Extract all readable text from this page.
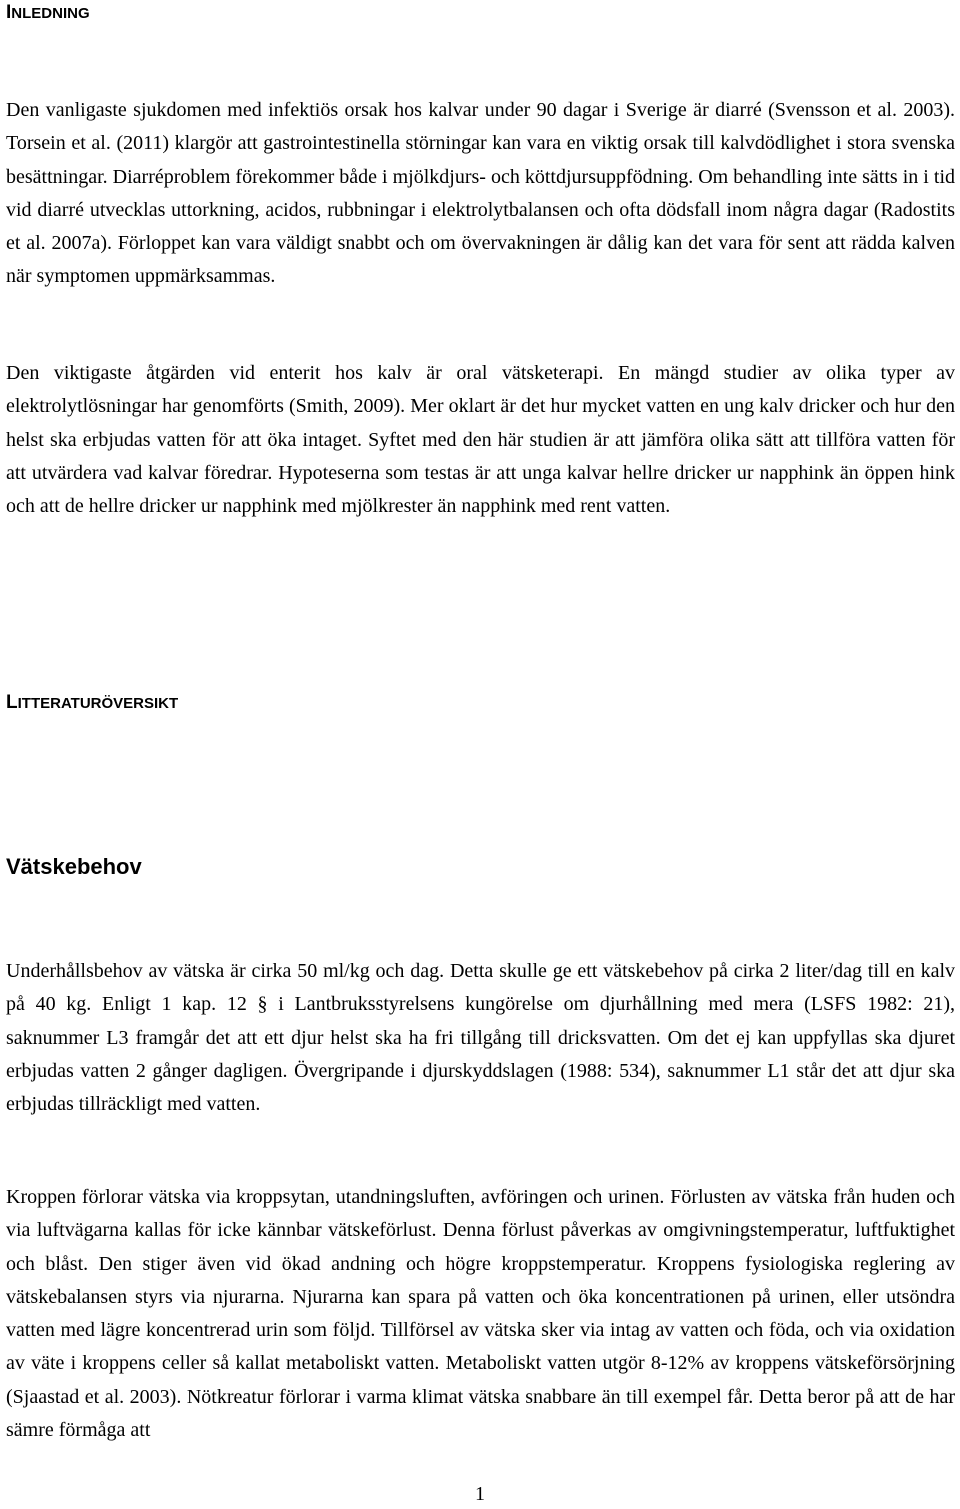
INLEDNING

Den vanligaste sjukdomen med infektiös orsak hos kalvar under 90 dagar i Sverige är diarré (Svensson et al. 2003). Torsein et al. (2011) klargör att gastrointestinella störningar kan vara en viktig orsak till kalvdödlighet i stora svenska besättningar. Diarréproblem förekommer både i mjölkdjurs- och köttdjursuppfödning. Om behandling inte sätts in i tid vid diarré utvecklas uttorkning, acidos, rubbningar i elektrolytbalansen och ofta dödsfall inom några dagar (Radostits et al. 2007a). Förloppet kan vara väldigt snabbt och om övervakningen är dålig kan det vara för sent att rädda kalven när symptomen uppmärksammas.

Den viktigaste åtgärden vid enterit hos kalv är oral vätsketerapi. En mängd studier av olika typer av elektrolytlösningar har genomförts (Smith, 2009). Mer oklart är det hur mycket vatten en ung kalv dricker och hur den helst ska erbjudas vatten för att öka intaget. Syftet med den här studien är att jämföra olika sätt att tillföra vatten för att utvärdera vad kalvar föredrar. Hypoteserna som testas är att unga kalvar hellre dricker ur napphink än öppen hink och att de hellre dricker ur napphink med mjölkrester än napphink med rent vatten.

LITTERATURÖVERSIKT
Vätskebehov

Underhållsbehov av vätska är cirka 50 ml/kg och dag. Detta skulle ge ett vätskebehov på cirka 2 liter/dag till en kalv på 40 kg. Enligt 1 kap. 12 § i Lantbruksstyrelsens kungörelse om djurhållning med mera (LSFS 1982: 21), saknummer L3 framgår det att ett djur helst ska ha fri tillgång till dricksvatten. Om det ej kan uppfyllas ska djuret erbjudas vatten 2 gånger dagligen. Övergripande i djurskyddslagen (1988: 534), saknummer L1 står det att djur ska erbjudas tillräckligt med vatten.

Kroppen förlorar vätska via kroppsytan, utandningsluften, avföringen och urinen. Förlusten av vätska från huden och via luftvägarna kallas för icke kännbar vätskeförlust. Denna förlust påverkas av omgivningstemperatur, luftfuktighet och blåst. Den stiger även vid ökad andning och högre kroppstemperatur. Kroppens fysiologiska reglering av vätskebalansen styrs via njurarna. Njurarna kan spara på vatten och öka koncentrationen på urinen, eller utsöndra vatten med lägre koncentrerad urin som följd. Tillförsel av vätska sker via intag av vatten och föda, och via oxidation av väte i kroppens celler så kallat metaboliskt vatten. Metaboliskt vatten utgör 8-12% av kroppens vätskeförsörjning (Sjaastad et al. 2003). Nötkreatur förlorar i varma klimat vätska snabbare än till exempel får. Detta beror på att de har sämre förmåga att

1
